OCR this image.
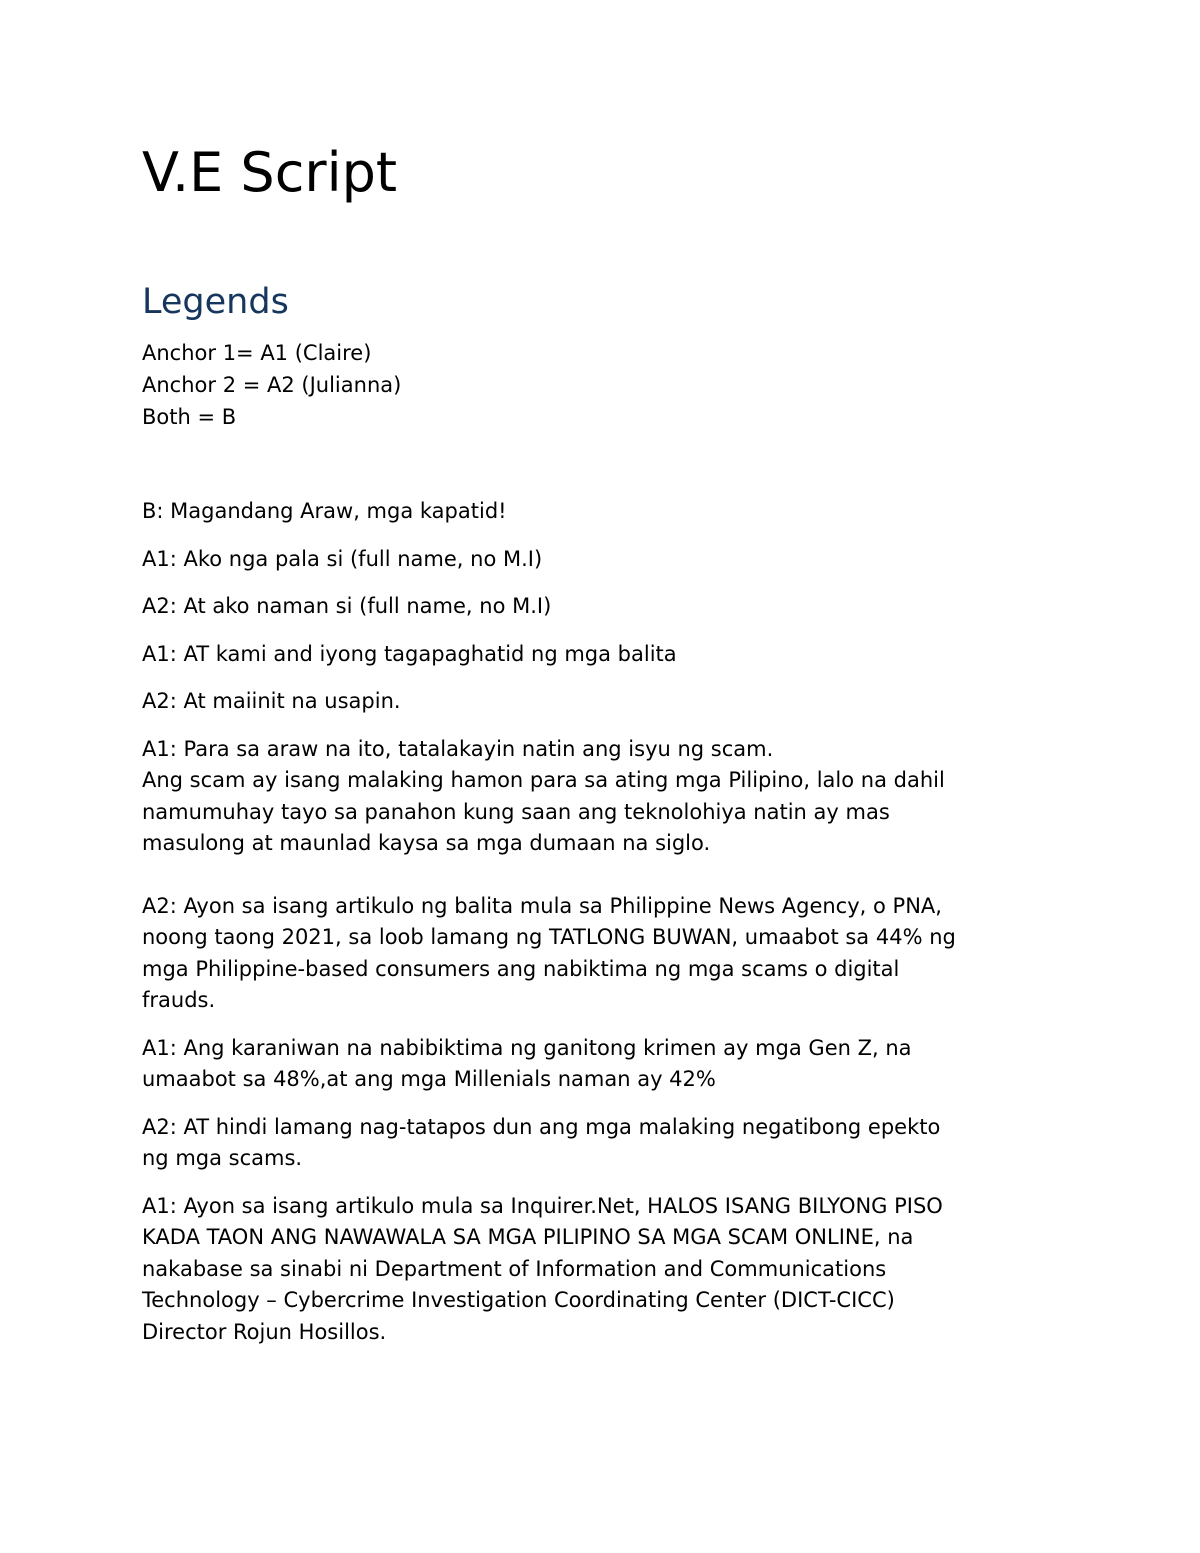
V.E Script
Legends
Anchor 1= A1 (Claire)
Anchor 2 = A2 (Julianna)
Both = B

B: Magandang Araw, mga kapatid!

A1: Ako nga pala si (full name, no M.I)

A2: At ako naman si (full name, no M.I)

A1: AT kami and iyong tagapaghatid ng mga balita

A2: At maiinit na usapin.

A1: Para sa araw na ito, tatalakayin natin ang isyu ng scam.
Ang scam ay isang malaking hamon para sa ating mga Pilipino, lalo na dahil
namumuhay tayo sa panahon kung saan ang teknolohiya natin ay mas
masulong at maunlad kaysa sa mga dumaan na siglo.

A2: Ayon sa isang artikulo ng balita mula sa Philippine News Agency, o PNA,
noong taong 2021, sa loob lamang ng TATLONG BUWAN, umaabot sa 44% ng
mga Philippine-based consumers ang nabiktima ng mga scams o digital
frauds.

A1: Ang karaniwan na nabibiktima ng ganitong krimen ay mga Gen Z, na
umaabot sa 48%,at ang mga Millenials naman ay 42%

A2: AT hindi lamang nag-tatapos dun ang mga malaking negatibong epekto
ng mga scams.

A1: Ayon sa isang artikulo mula sa Inquirer.Net, HALOS ISANG BILYONG PISO
KADA TAON ANG NAWAWALA SA MGA PILIPINO SA MGA SCAM ONLINE, na
nakabase sa sinabi ni Department of Information and Communications
Technology – Cybercrime Investigation Coordinating Center (DICT-CICC)
Director Rojun Hosillos.
